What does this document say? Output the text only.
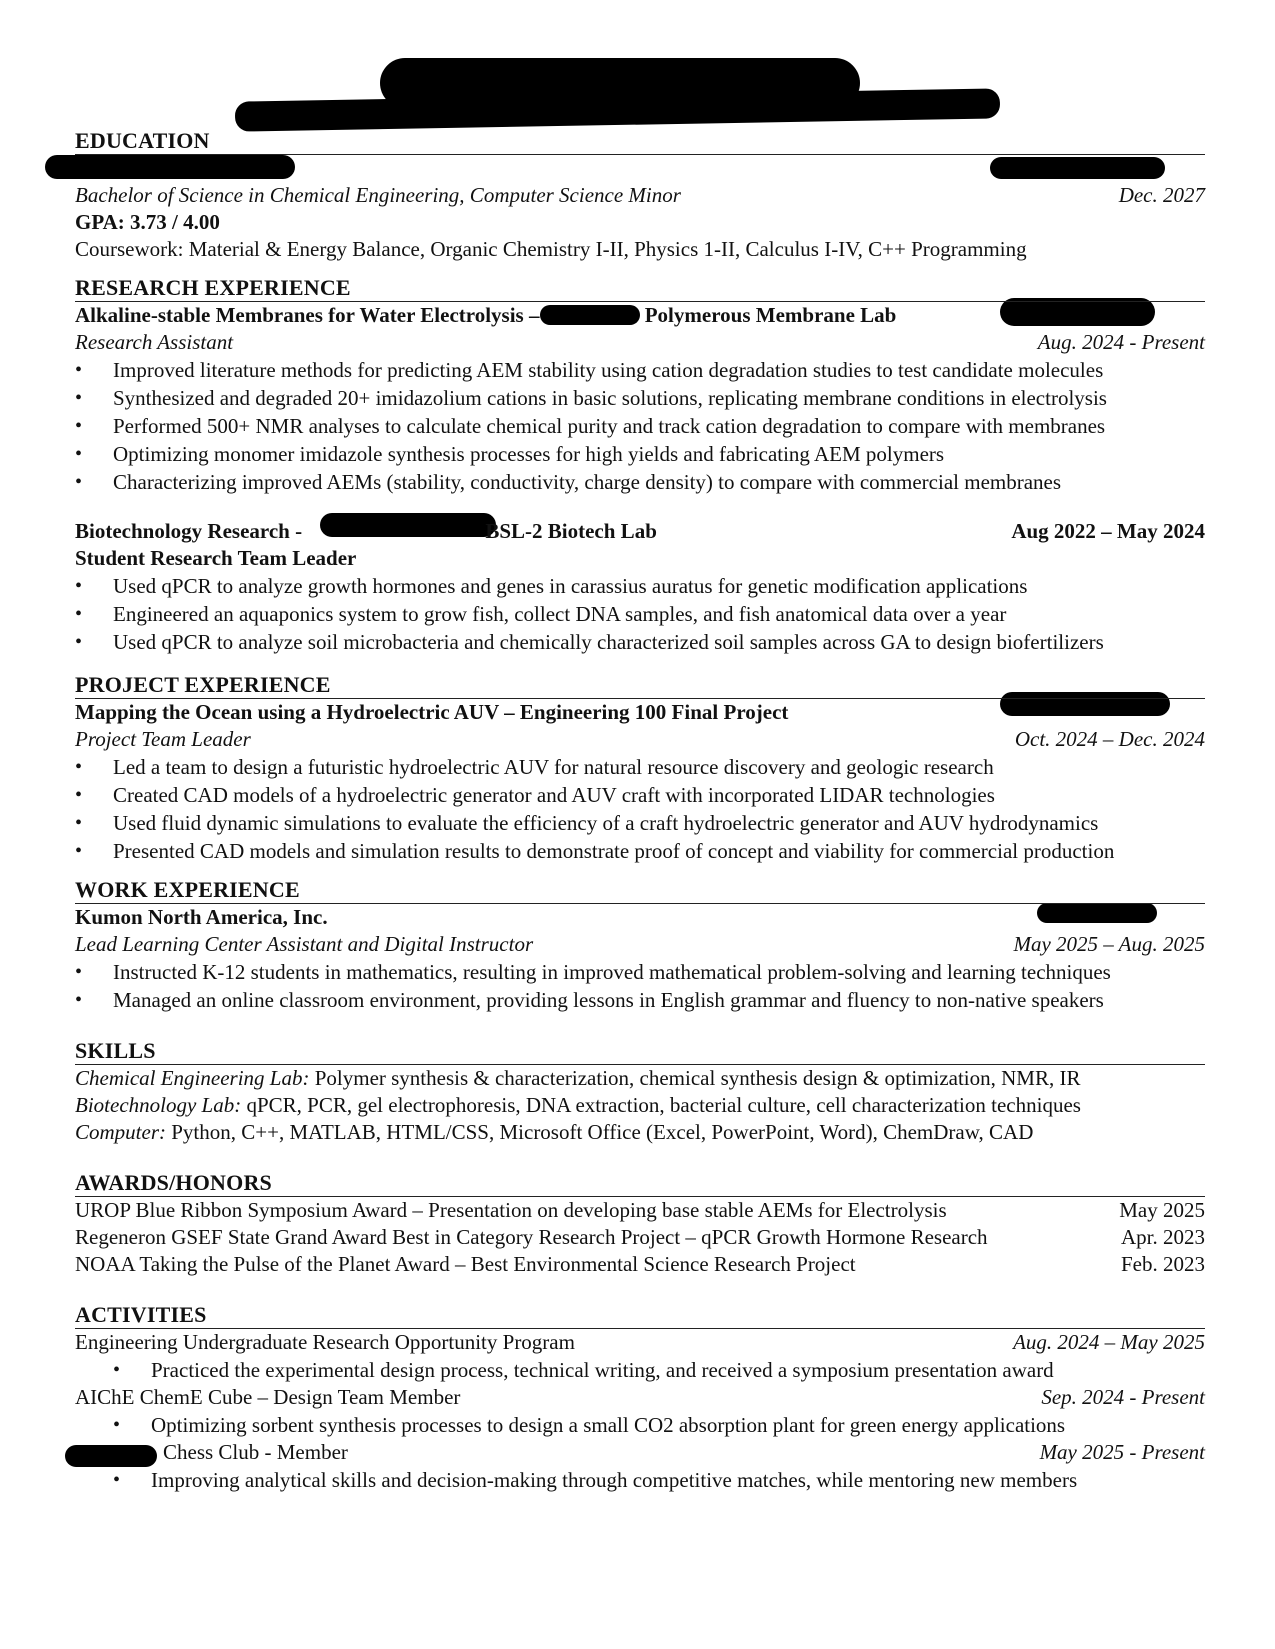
EDUCATION
Bachelor of Science in Chemical Engineering, Computer Science Minor	Dec. 2027
GPA: 3.73 / 4.00
Coursework: Material & Energy Balance, Organic Chemistry I-II, Physics 1-II, Calculus I-IV, C++ Programming
RESEARCH EXPERIENCE
Alkaline-stable Membranes for Water Electrolysis –	Polymerous Membrane Lab
Research Assistant	Aug. 2024 - Present
• Improved literature methods for predicting AEM stability using cation degradation studies to test candidate molecules
• Synthesized and degraded 20+ imidazolium cations in basic solutions, replicating membrane conditions in electrolysis
• Performed 500+ NMR analyses to calculate chemical purity and track cation degradation to compare with membranes
• Optimizing monomer imidazole synthesis processes for high yields and fabricating AEM polymers
• Characterizing improved AEMs (stability, conductivity, charge density) to compare with commercial membranes
Biotechnology Research -	BSL-2 Biotech Lab	Aug 2022 – May 2024
Student Research Team Leader
• Used qPCR to analyze growth hormones and genes in carassius auratus for genetic modification applications
• Engineered an aquaponics system to grow fish, collect DNA samples, and fish anatomical data over a year
• Used qPCR to analyze soil microbacteria and chemically characterized soil samples across GA to design biofertilizers
PROJECT EXPERIENCE
Mapping the Ocean using a Hydroelectric AUV – Engineering 100 Final Project
Project Team Leader	Oct. 2024 – Dec. 2024
• Led a team to design a futuristic hydroelectric AUV for natural resource discovery and geologic research
• Created CAD models of a hydroelectric generator and AUV craft with incorporated LIDAR technologies
• Used fluid dynamic simulations to evaluate the efficiency of a craft hydroelectric generator and AUV hydrodynamics
• Presented CAD models and simulation results to demonstrate proof of concept and viability for commercial production
WORK EXPERIENCE
Kumon North America, Inc.
Lead Learning Center Assistant and Digital Instructor	May 2025 – Aug. 2025
• Instructed K-12 students in mathematics, resulting in improved mathematical problem-solving and learning techniques
• Managed an online classroom environment, providing lessons in English grammar and fluency to non-native speakers
SKILLS
Chemical Engineering Lab: Polymer synthesis & characterization, chemical synthesis design & optimization, NMR, IR
Biotechnology Lab: qPCR, PCR, gel electrophoresis, DNA extraction, bacterial culture, cell characterization techniques
Computer: Python, C++, MATLAB, HTML/CSS, Microsoft Office (Excel, PowerPoint, Word), ChemDraw, CAD
AWARDS/HONORS
UROP Blue Ribbon Symposium Award – Presentation on developing base stable AEMs for Electrolysis	May 2025
Regeneron GSEF State Grand Award Best in Category Research Project – qPCR Growth Hormone Research	Apr. 2023
NOAA Taking the Pulse of the Planet Award – Best Environmental Science Research Project	Feb. 2023
ACTIVITIES
Engineering Undergraduate Research Opportunity Program	Aug. 2024 – May 2025
• Practiced the experimental design process, technical writing, and received a symposium presentation award
AIChE ChemE Cube – Design Team Member	Sep. 2024 - Present
• Optimizing sorbent synthesis processes to design a small CO2 absorption plant for green energy applications
Chess Club - Member	May 2025 - Present
• Improving analytical skills and decision-making through competitive matches, while mentoring new members
